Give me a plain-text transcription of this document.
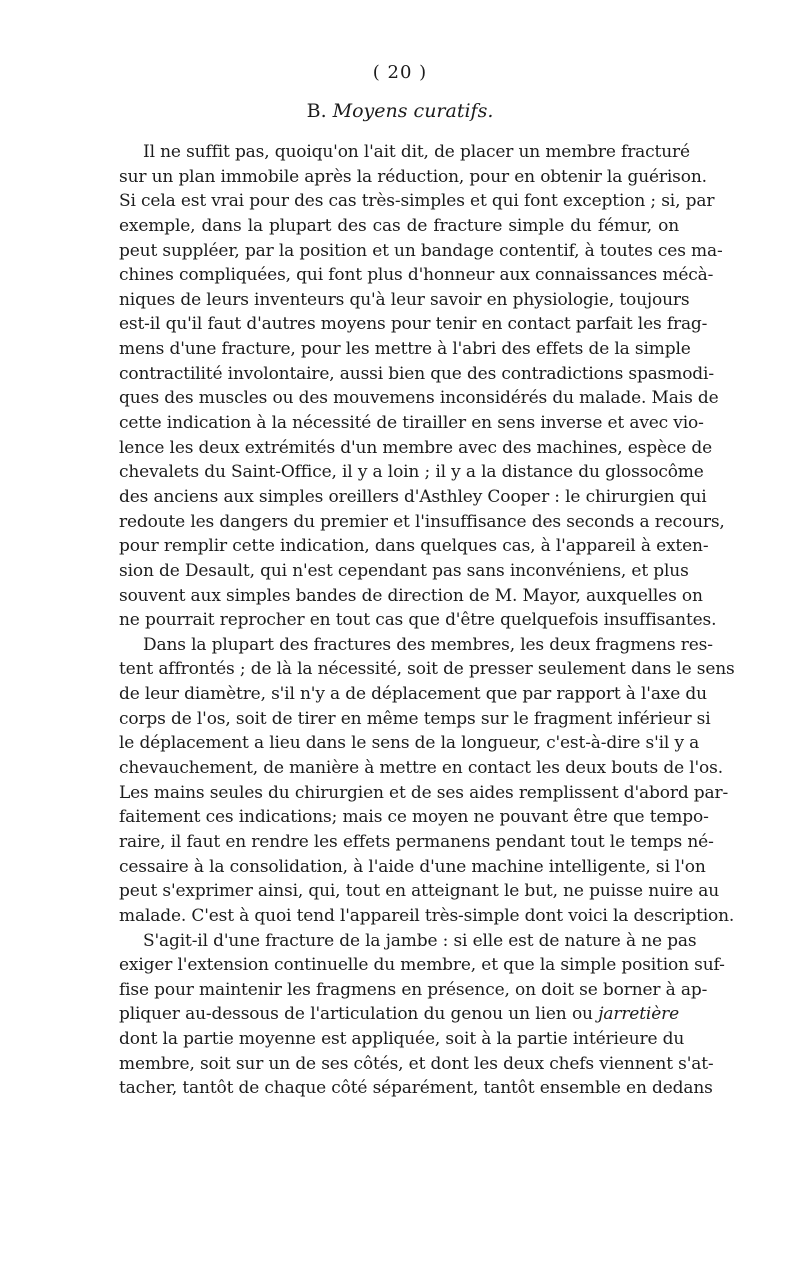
( 20 )
B. Moyens curatifs.
Il ne suffit pas, quoiqu'on l'ait dit, de placer un membre fracturé
sur un plan immobile après la réduction, pour en obtenir la guérison.
Si cela est vrai pour des cas très-simples et qui font exception ; si, par
exemple, dans la plupart des cas de fracture simple du fémur, on
peut suppléer, par la position et un bandage contentif, à toutes ces ma-
chines compliquées, qui font plus d'honneur aux connaissances mécà-
niques de leurs inventeurs qu'à leur savoir en physiologie, toujours
est-il qu'il faut d'autres moyens pour tenir en contact parfait les frag-
mens d'une fracture, pour les mettre à l'abri des effets de la simple
contractilité involontaire, aussi bien que des contradictions spasmodi-
ques des muscles ou des mouvemens inconsidérés du malade. Mais de
cette indication à la nécessité de tirailler en sens inverse et avec vio-
lence les deux extrémités d'un membre avec des machines, espèce de
chevalets du Saint-Office, il y a loin ; il y a la distance du glossocôme
des anciens aux simples oreillers d'Asthley Cooper : le chirurgien qui
redoute les dangers du premier et l'insuffisance des seconds a recours,
pour remplir cette indication, dans quelques cas, à l'appareil à exten-
sion de Desault, qui n'est cependant pas sans inconvéniens, et plus
souvent aux simples bandes de direction de M. Mayor, auxquelles on
ne pourrait reprocher en tout cas que d'être quelquefois insuffisantes.
Dans la plupart des fractures des membres, les deux fragmens res-
tent affrontés ; de là la nécessité, soit de presser seulement dans le sens
de leur diamètre, s'il n'y a de déplacement que par rapport à l'axe du
corps de l'os, soit de tirer en même temps sur le fragment inférieur si
le déplacement a lieu dans le sens de la longueur, c'est-à-dire s'il y a
chevauchement, de manière à mettre en contact les deux bouts de l'os.
Les mains seules du chirurgien et de ses aides remplissent d'abord par-
faitement ces indications; mais ce moyen ne pouvant être que tempo-
raire, il faut en rendre les effets permanens pendant tout le temps né-
cessaire à la consolidation, à l'aide d'une machine intelligente, si l'on
peut s'exprimer ainsi, qui, tout en atteignant le but, ne puisse nuire au
malade. C'est à quoi tend l'appareil très-simple dont voici la description.
S'agit-il d'une fracture de la jambe : si elle est de nature à ne pas
exiger l'extension continuelle du membre, et que la simple position suf-
fise pour maintenir les fragmens en présence, on doit se borner à ap-
pliquer au-dessous de l'articulation du genou un lien ou jarretière
dont la partie moyenne est appliquée, soit à la partie intérieure du
membre, soit sur un de ses côtés, et dont les deux chefs viennent s'at-
tacher, tantôt de chaque côté séparément, tantôt ensemble en dedans
